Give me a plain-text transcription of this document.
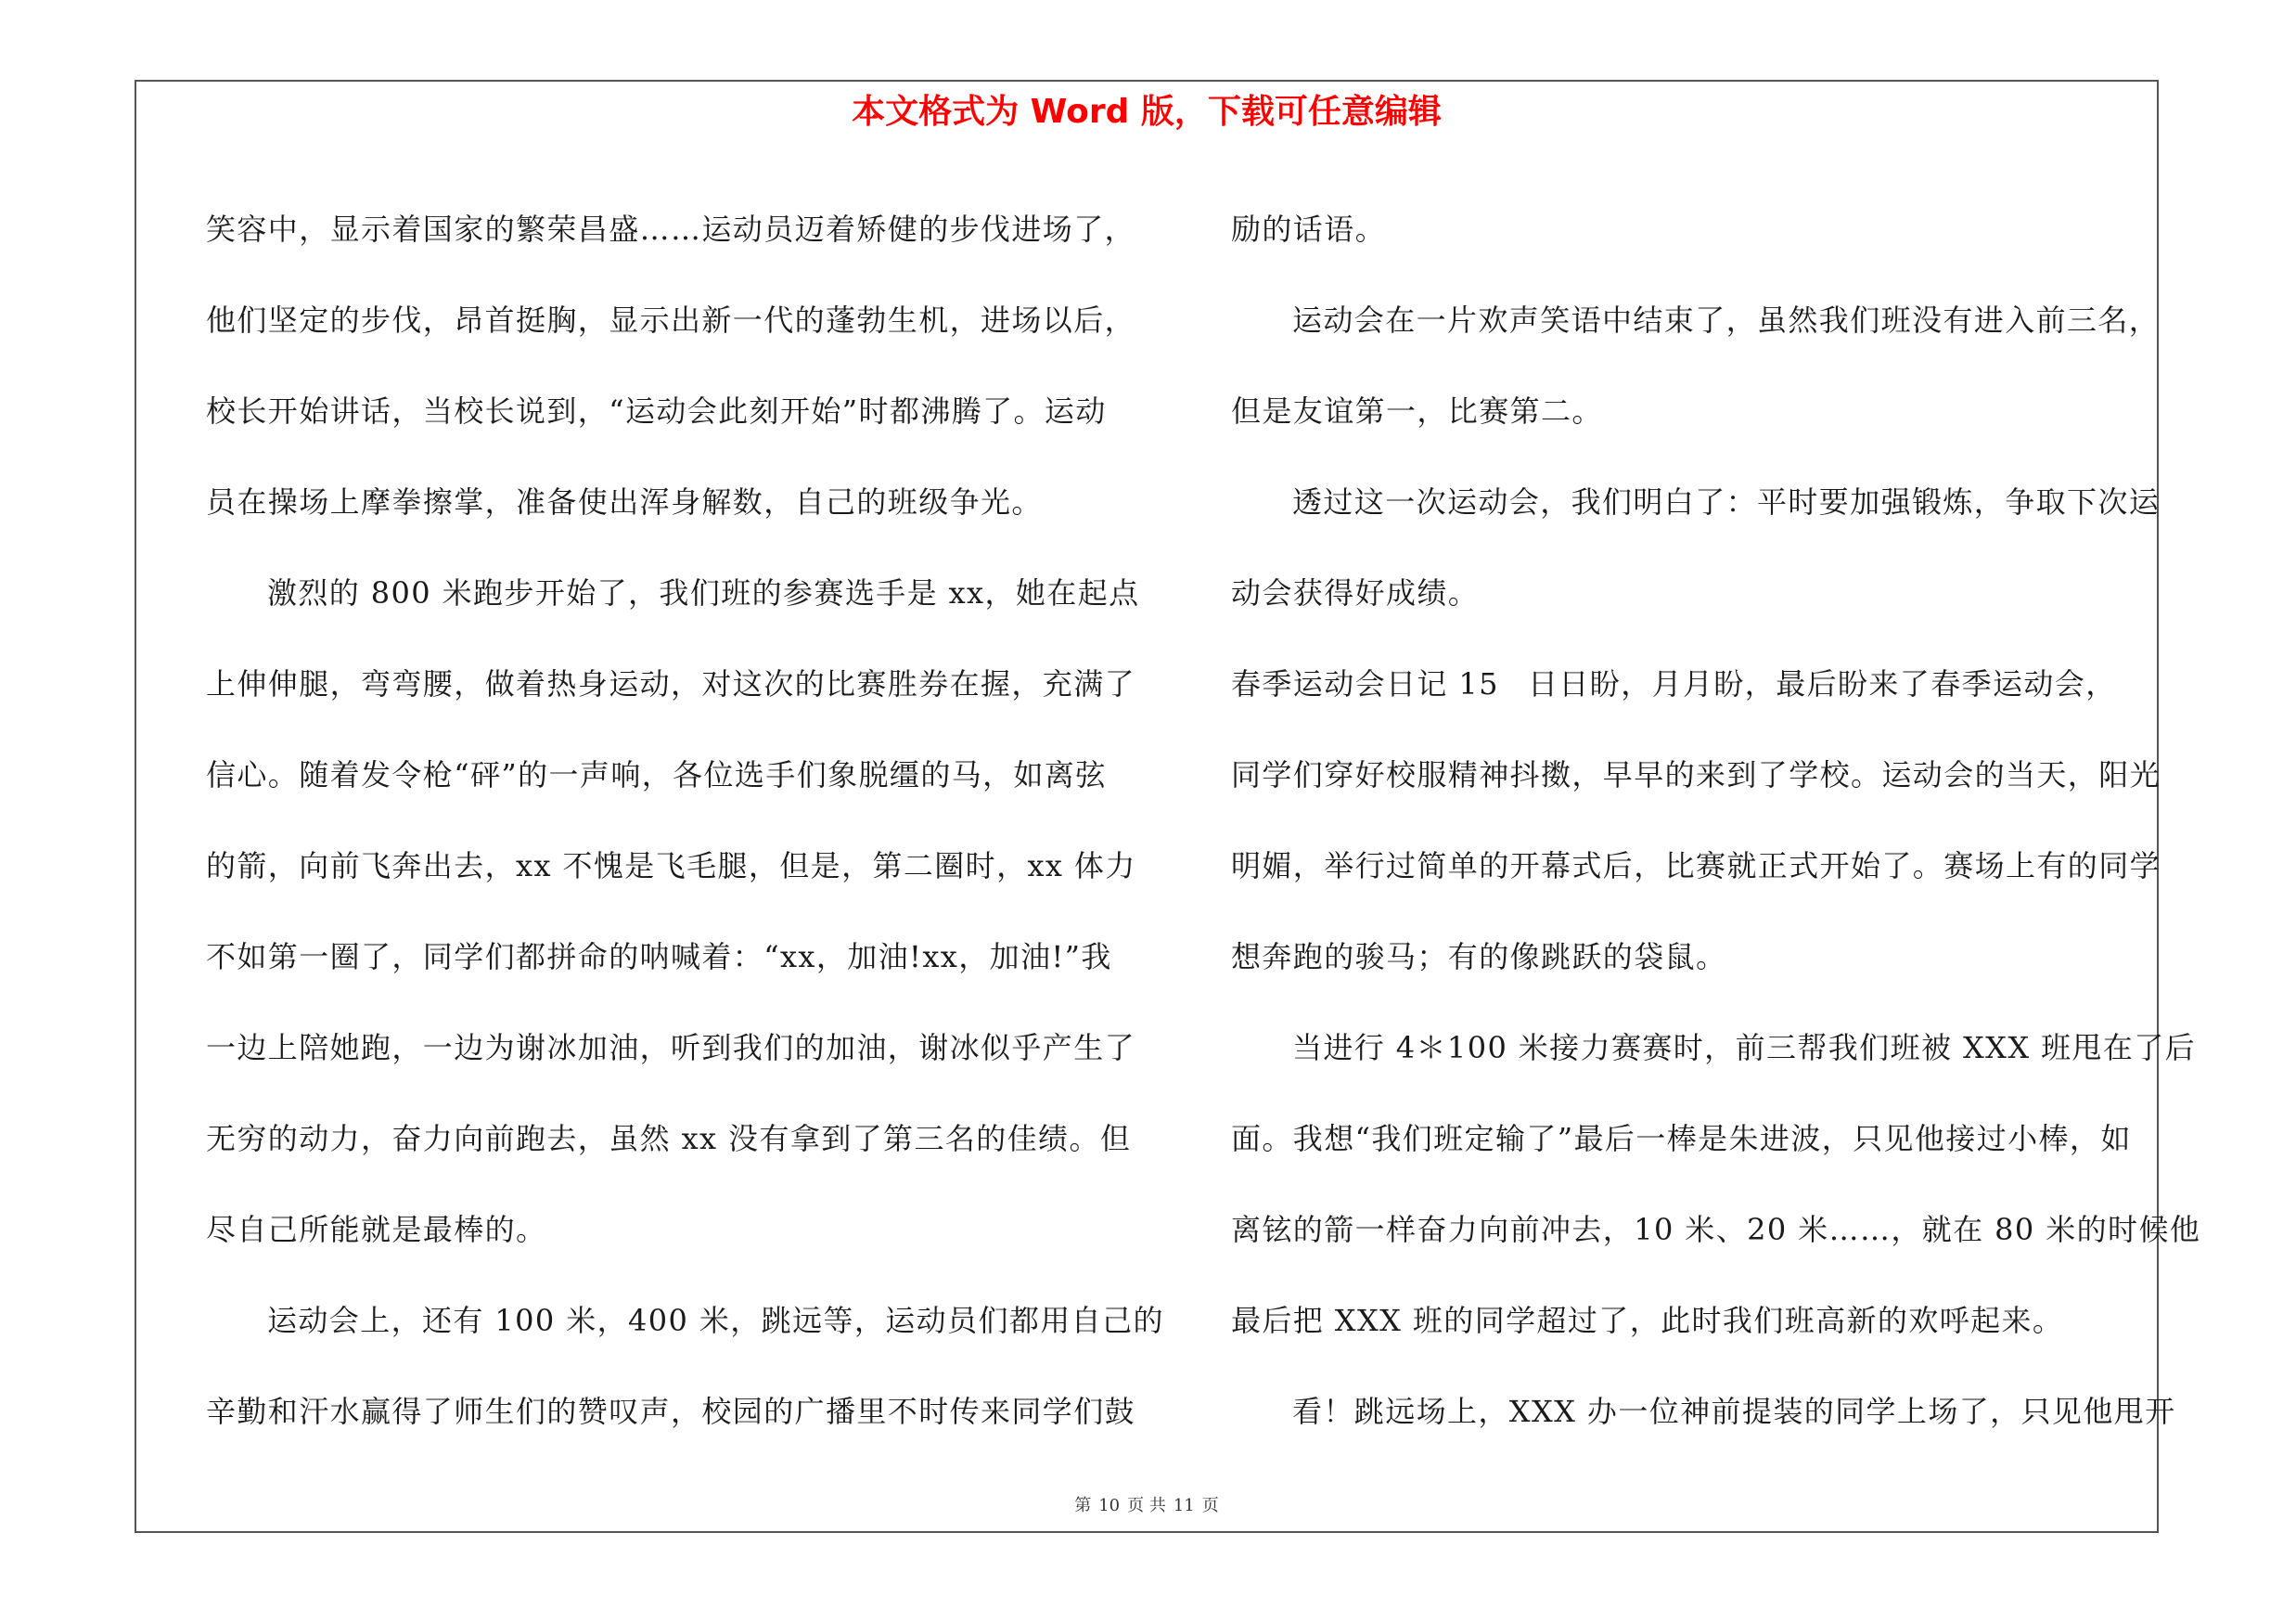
本文格式为 Word 版，下载可任意编辑

笑容中，显示着国家的繁荣昌盛……运动员迈着矫健的步伐进场了，

他们坚定的步伐，昂首挺胸，显示出新一代的蓬勃生机，进场以后，

校长开始讲话，当校长说到，“运动会此刻开始”时都沸腾了。运动

员在操场上摩拳擦掌，准备使出浑身解数，自己的班级争光。

激烈的 800 米跑步开始了，我们班的参赛选手是 xx，她在起点

上伸伸腿，弯弯腰，做着热身运动，对这次的比赛胜券在握，充满了

信心。随着发令枪“砰”的一声响，各位选手们象脱缰的马，如离弦

的箭，向前飞奔出去，xx 不愧是飞毛腿，但是，第二圈时，xx 体力

不如第一圈了，同学们都拼命的呐喊着：“xx，加油!xx，加油!”我

一边上陪她跑，一边为谢冰加油，听到我们的加油，谢冰似乎产生了

无穷的动力，奋力向前跑去，虽然 xx 没有拿到了第三名的佳绩。但

尽自己所能就是最棒的。

运动会上，还有 100 米，400 米，跳远等，运动员们都用自己的

辛勤和汗水赢得了师生们的赞叹声，校园的广播里不时传来同学们鼓

励的话语。

运动会在一片欢声笑语中结束了，虽然我们班没有进入前三名，

但是友谊第一，比赛第二。

透过这一次运动会，我们明白了：平时要加强锻炼，争取下次运

动会获得好成绩。

春季运动会日记 15 日日盼，月月盼，最后盼来了春季运动会，

同学们穿好校服精神抖擞，早早的来到了学校。运动会的当天，阳光

明媚，举行过简单的开幕式后，比赛就正式开始了。赛场上有的同学

想奔跑的骏马；有的像跳跃的袋鼠。

当进行 4＊100 米接力赛赛时，前三帮我们班被 XXX 班甩在了后

面。我想“我们班定输了”最后一棒是朱进波，只见他接过小棒，如

离铉的箭一样奋力向前冲去，10 米、20 米……，就在 80 米的时候他

最后把 XXX 班的同学超过了，此时我们班高新的欢呼起来。

看！跳远场上，XXX 办一位神前提装的同学上场了，只见他甩开

第 10 页 共 11 页
